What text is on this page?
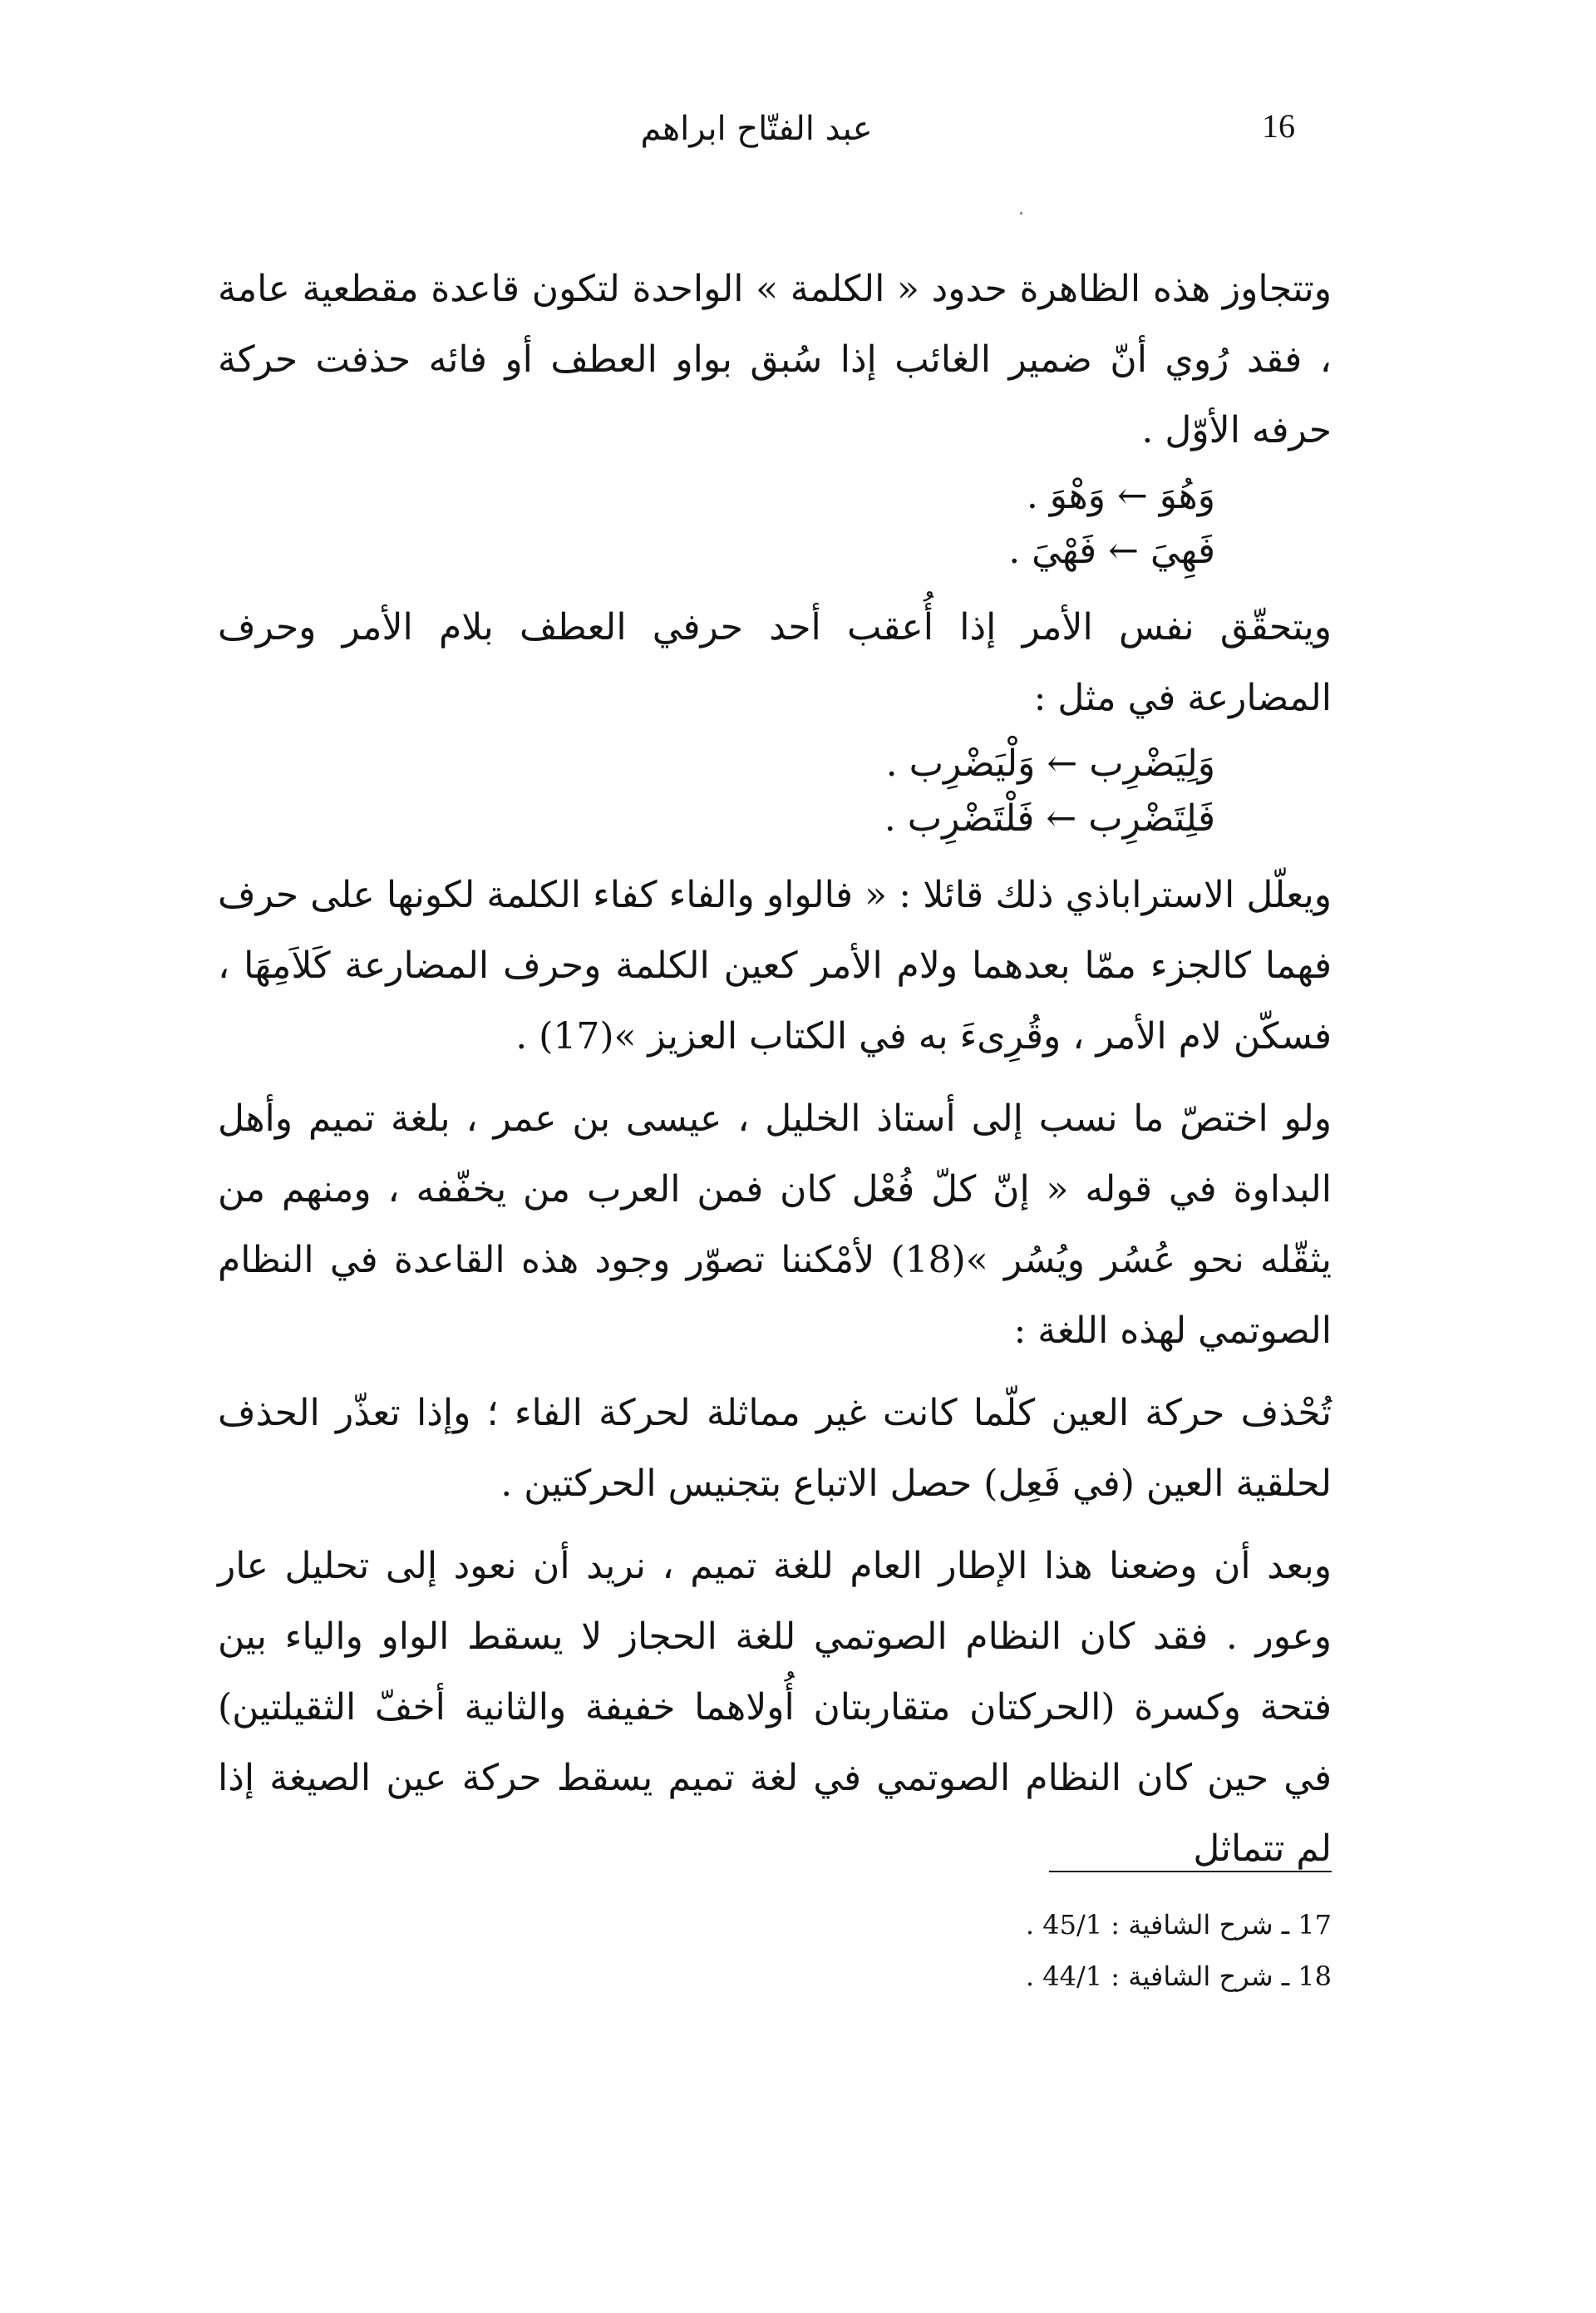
16
عبد الفتّاح ابراهم

وتتجاوز هذه الظاهرة حدود « الكلمة » الواحدة لتكون قاعدة مقطعية عامة ، فقد رُوي أنّ ضمير الغائب إذا سُبق بواو العطف أو فائه حذفت حركة حرفه الأوّل .

وَهُوَ ← وَهْوَ .

فَهِيَ ← فَهْيَ .

ويتحقّق نفس الأمر إذا أُعقب أحد حرفي العطف بلام الأمر وحرف المضارعة في مثل :

وَلِيَضْرِب ← وَلْيَضْرِب .

فَلِتَضْرِب ← فَلْتَضْرِب .

ويعلّل الاستراباذي ذلك قائلا : « فالواو والفاء كفاء الكلمة لكونها على حرف فهما كالجزء ممّا بعدهما ولام الأمر كعين الكلمة وحرف المضارعة كَلاَمِهَا ، فسكّن لام الأمر ، وقُرِىءَ به في الكتاب العزيز »(17) .

ولو اختصّ ما نسب إلى أستاذ الخليل ، عيسى بن عمر ، بلغة تميم وأهل البداوة في قوله « إنّ كلّ فُعْل كان فمن العرب من يخفّفه ، ومنهم من يثقّله نحو عُسُر ويُسُر »(18) لأمْكننا تصوّر وجود هذه القاعدة في النظام الصوتمي لهذه اللغة :

تُحْذف حركة العين كلّما كانت غير مماثلة لحركة الفاء ؛ وإذا تعذّر الحذف لحلقية العين (في فَعِل) حصل الاتباع بتجنيس الحركتين .

وبعد أن وضعنا هذا الإطار العام للغة تميم ، نريد أن نعود إلى تحليل عار وعور . فقد كان النظام الصوتمي للغة الحجاز لا يسقط الواو والياء بين فتحة وكسرة (الحركتان متقاربتان أُولاهما خفيفة والثانية أخفّ الثقيلتين) في حين كان النظام الصوتمي في لغة تميم يسقط حركة عين الصيغة إذا لم تتماثل

17 ـ شرح الشافية : 45/1 .

18 ـ شرح الشافية : 44/1 .
